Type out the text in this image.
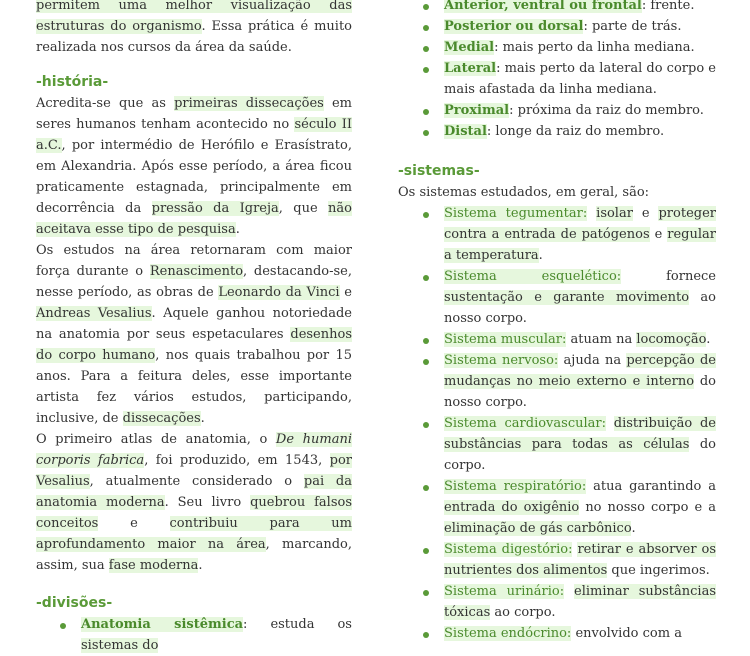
permitem uma melhor visualização das estruturas do organismo. Essa prática é muito realizada nos cursos da área da saúde.

-história-

Acredita-se que as primeiras dissecações em seres humanos tenham acontecido no século II a.C., por intermédio de Herófilo e Erasístrato, em Alexandria. Após esse período, a área ficou praticamente estagnada, principalmente em decorrência da pressão da Igreja, que não aceitava esse tipo de pesquisa.

Os estudos na área retornaram com maior força durante o Renascimento, destacando-se, nesse período, as obras de Leonardo da Vinci e Andreas Vesalius. Aquele ganhou notoriedade na anatomia por seus espetaculares desenhos do corpo humano, nos quais trabalhou por 15 anos. Para a feitura deles, esse importante artista fez vários estudos, participando, inclusive, de dissecações.

O primeiro atlas de anatomia, o De humani corporis fabrica, foi produzido, em 1543, por Vesalius, atualmente considerado o pai da anatomia moderna. Seu livro quebrou falsos conceitos e contribuiu para um aprofundamento maior na área, marcando, assim, sua fase moderna.

-divisões-
Anatomia sistêmica: estuda os sistemas do
Anterior, ventral ou frontal: frente.
Posterior ou dorsal: parte de trás.
Medial: mais perto da linha mediana.
Lateral: mais perto da lateral do corpo e mais afastada da linha mediana.
Proximal: próxima da raiz do membro.
Distal: longe da raiz do membro.
-sistemas-

Os sistemas estudados, em geral, são:

Sistema tegumentar: isolar e proteger contra a entrada de patógenos e regular a temperatura.
Sistema esquelético: fornece sustentação e garante movimento ao nosso corpo.
Sistema muscular: atuam na locomoção.
Sistema nervoso: ajuda na percepção de mudanças no meio externo e interno do nosso corpo.
Sistema cardiovascular: distribuição de substâncias para todas as células do corpo.
Sistema respiratório: atua garantindo a entrada do oxigênio no nosso corpo e a eliminação de gás carbônico.
Sistema digestório: retirar e absorver os nutrientes dos alimentos que ingerimos.
Sistema urinário: eliminar substâncias tóxicas ao corpo.
Sistema endócrino: envolvido com a
